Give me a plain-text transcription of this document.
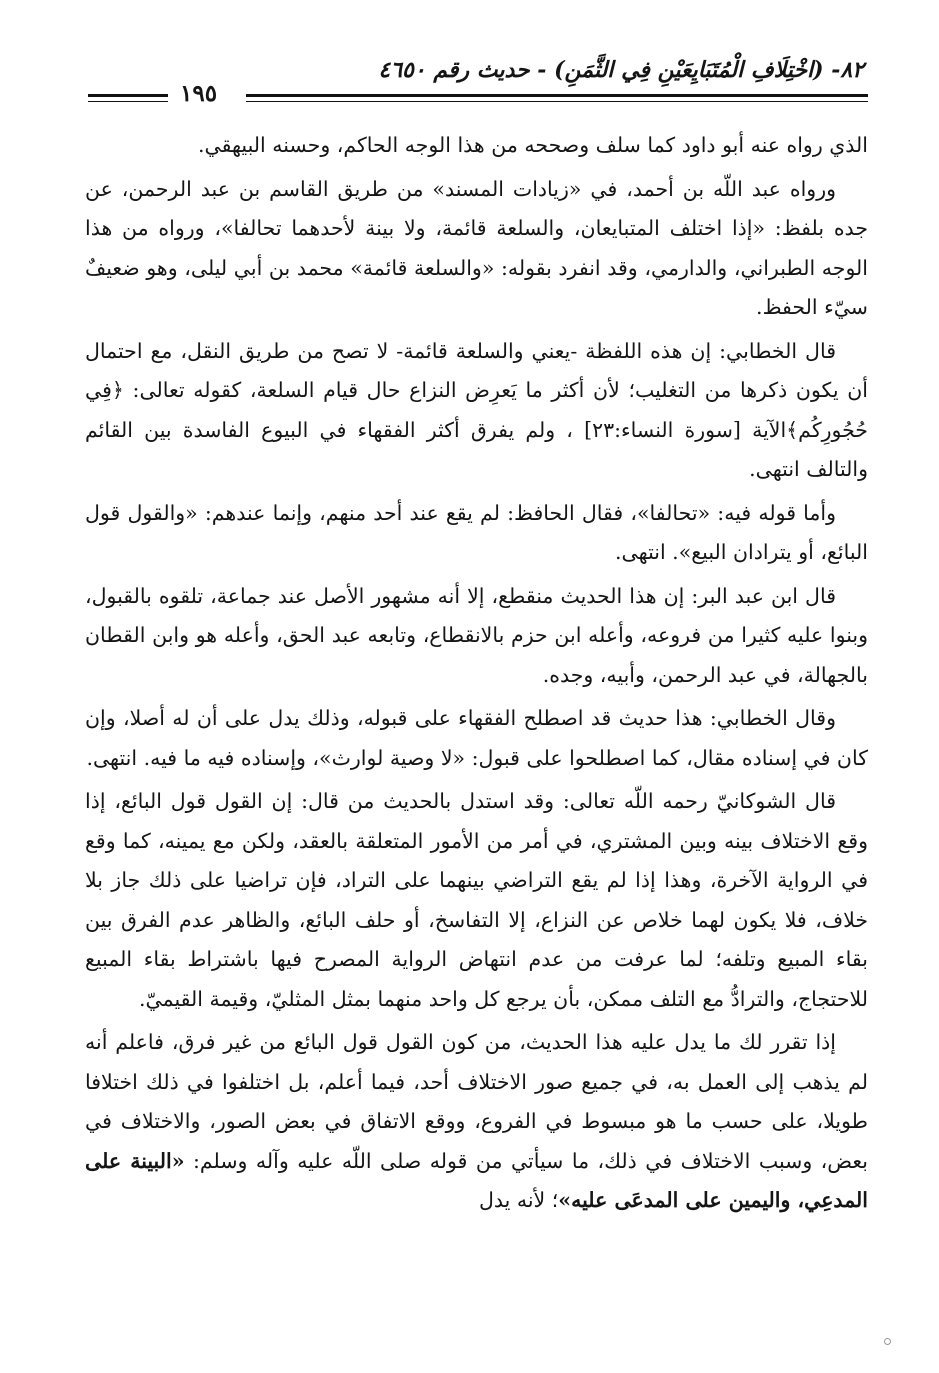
٨٢- (اخْتِلَافِ الْمُتَبَايِعَيْنِ فِي الثَّمَنِ) - حديث رقم ٤٦٥٠
١٩٥

الذي رواه عنه أبو داود كما سلف وصححه من هذا الوجه الحاكم، وحسنه البيهقي.

ورواه عبد اللّه بن أحمد، في «زيادات المسند» من طريق القاسم بن عبد الرحمن، عن جده بلفظ: «إذا اختلف المتبايعان، والسلعة قائمة، ولا بينة لأحدهما تحالفا»، ورواه من هذا الوجه الطبراني، والدارمي، وقد انفرد بقوله: «والسلعة قائمة» محمد بن أبي ليلى، وهو ضعيفٌ سيّء الحفظ.

قال الخطابي: إن هذه اللفظة -يعني والسلعة قائمة- لا تصح من طريق النقل، مع احتمال أن يكون ذكرها من التغليب؛ لأن أكثر ما يَعرِض النزاع حال قيام السلعة، كقوله تعالى: ﴿فِي حُجُورِكُم﴾الآية [سورة النساء:٢٣] ، ولم يفرق أكثر الفقهاء في البيوع الفاسدة بين القائم والتالف انتهى.

وأما قوله فيه: «تحالفا»، فقال الحافظ: لم يقع عند أحد منهم، وإنما عندهم: «والقول قول البائع، أو يترادان البيع». انتهى.

قال ابن عبد البر: إن هذا الحديث منقطع، إلا أنه مشهور الأصل عند جماعة، تلقوه بالقبول، وبنوا عليه كثيرا من فروعه، وأعله ابن حزم بالانقطاع، وتابعه عبد الحق، وأعله هو وابن القطان بالجهالة، في عبد الرحمن، وأبيه، وجده.

وقال الخطابي: هذا حديث قد اصطلح الفقهاء على قبوله، وذلك يدل على أن له أصلا، وإن كان في إسناده مقال، كما اصطلحوا على قبول: «لا وصية لوارث»، وإسناده فيه ما فيه. انتهى.

قال الشوكانيّ رحمه اللّه تعالى: وقد استدل بالحديث من قال: إن القول قول البائع، إذا وقع الاختلاف بينه وبين المشتري، في أمر من الأمور المتعلقة بالعقد، ولكن مع يمينه، كما وقع في الرواية الآخرة، وهذا إذا لم يقع التراضي بينهما على التراد، فإن تراضيا على ذلك جاز بلا خلاف، فلا يكون لهما خلاص عن النزاع، إلا التفاسخ، أو حلف البائع، والظاهر عدم الفرق بين بقاء المبيع وتلفه؛ لما عرفت من عدم انتهاض الرواية المصرح فيها باشتراط بقاء المبيع للاحتجاج، والترادُّ مع التلف ممكن، بأن يرجع كل واحد منهما بمثل المثليّ، وقيمة القيميّ.

إذا تقرر لك ما يدل عليه هذا الحديث، من كون القول قول البائع من غير فرق، فاعلم أنه لم يذهب إلى العمل به، في جميع صور الاختلاف أحد، فيما أعلم، بل اختلفوا في ذلك اختلافا طويلا، على حسب ما هو مبسوط في الفروع، ووقع الاتفاق في بعض الصور، والاختلاف في بعض، وسبب الاختلاف في ذلك، ما سيأتي من قوله صلى اللّه عليه وآله وسلم: «البينة على المدعِي، واليمين على المدعَى عليه»؛ لأنه يدل
